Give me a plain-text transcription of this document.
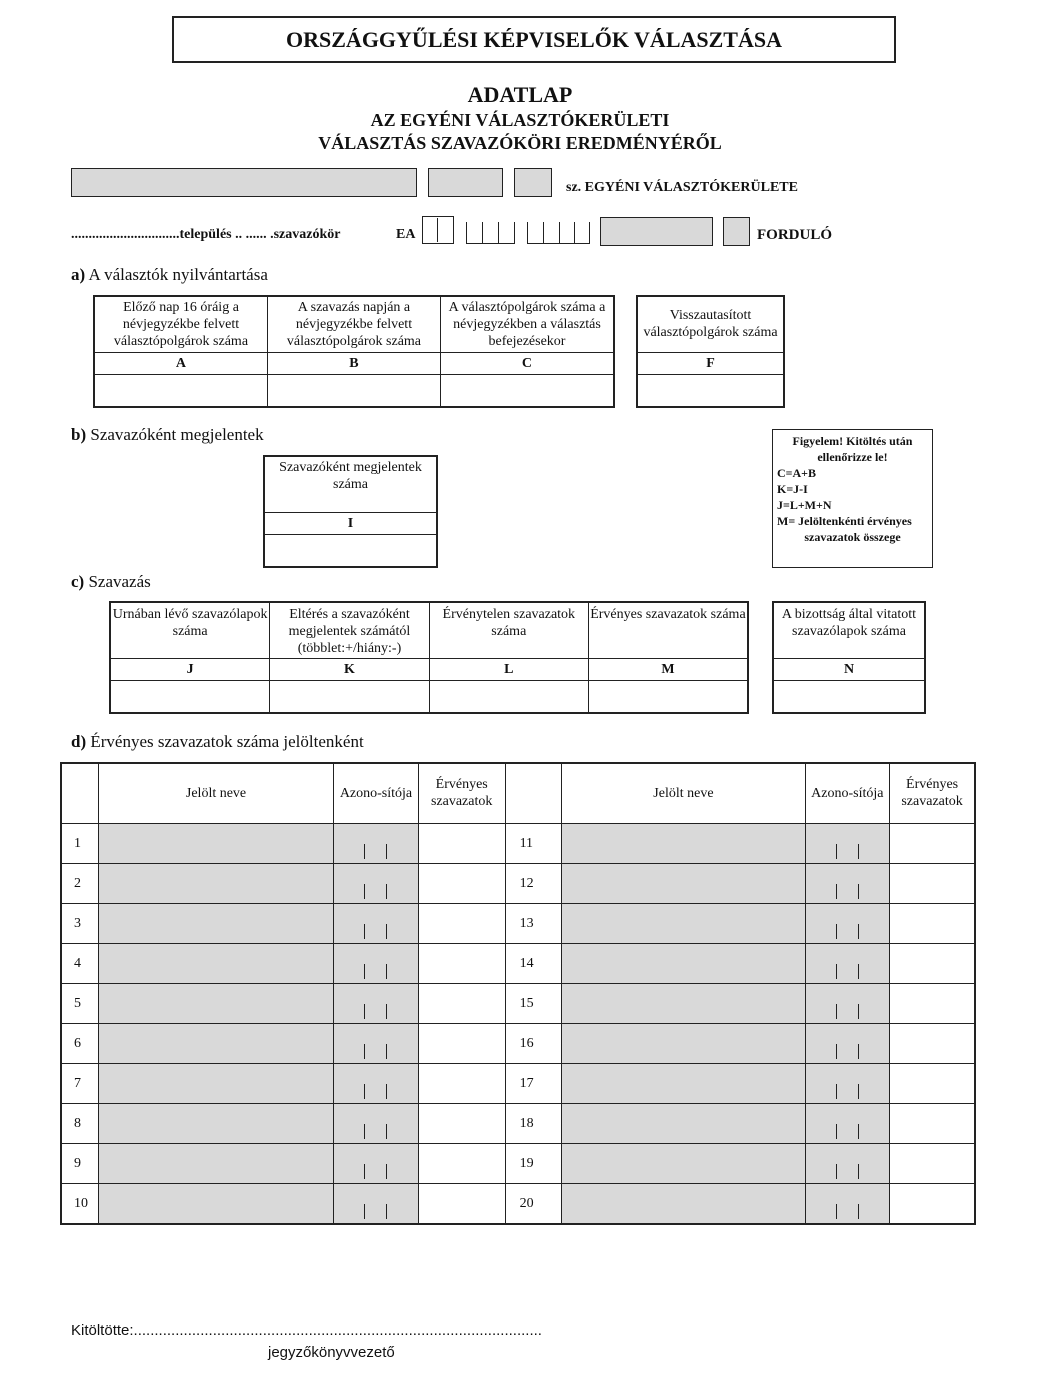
ORSZÁGGYŰLÉSI KÉPVISELŐK VÁLASZTÁSA
ADATLAP
AZ EGYÉNI VÁLASZTÓKERÜLETI
VÁLASZTÁS SZAVAZÓKÖRI EREDMÉNYÉRŐL
sz. EGYÉNI VÁLASZTÓKERÜLETE
...............................település .. ...... .szavazókör	EA	FORDULÓ
a) A választók nyilvántartása
Előző nap 16 óráig a névjegyzékbe felvett választópolgárok száma	A szavazás napján a névjegyzékbe felvett választópolgárok száma	A választópolgárok száma a névjegyzékben a választás befejezésekor
A	B	C

Visszautasított választópolgárok száma
F

b) Szavazóként megjelentek
Szavazóként megjelentek száma
I

Figyelem! Kitöltés után
ellenőrizze le!
C=A+B
K=J-I
J=L+M+N
M= Jelöltenkénti érvényes
szavazatok összege
c) Szavazás
Urnában lévő szavazólapok száma	Eltérés a szavazóként megjelentek számától (többlet:+/hiány:-)	Érvénytelen szavazatok száma	Érvényes szavazatok száma
J	K	L	M

A bizottság által vitatott szavazólapok száma
N

d) Érvényes szavazatok száma jelöltenként
	Jelölt neve	Azono-sítója	Érvényes szavazatok		Jelölt neve	Azono-sítója	Érvényes szavazatok
1				11		

2				12		

3				13		

4				14		

5				15		

6				16		

7				17		

8				18		

9				19		

10				20		

Kitöltötte:..................................................................................................
jegyzőkönyvvezető
